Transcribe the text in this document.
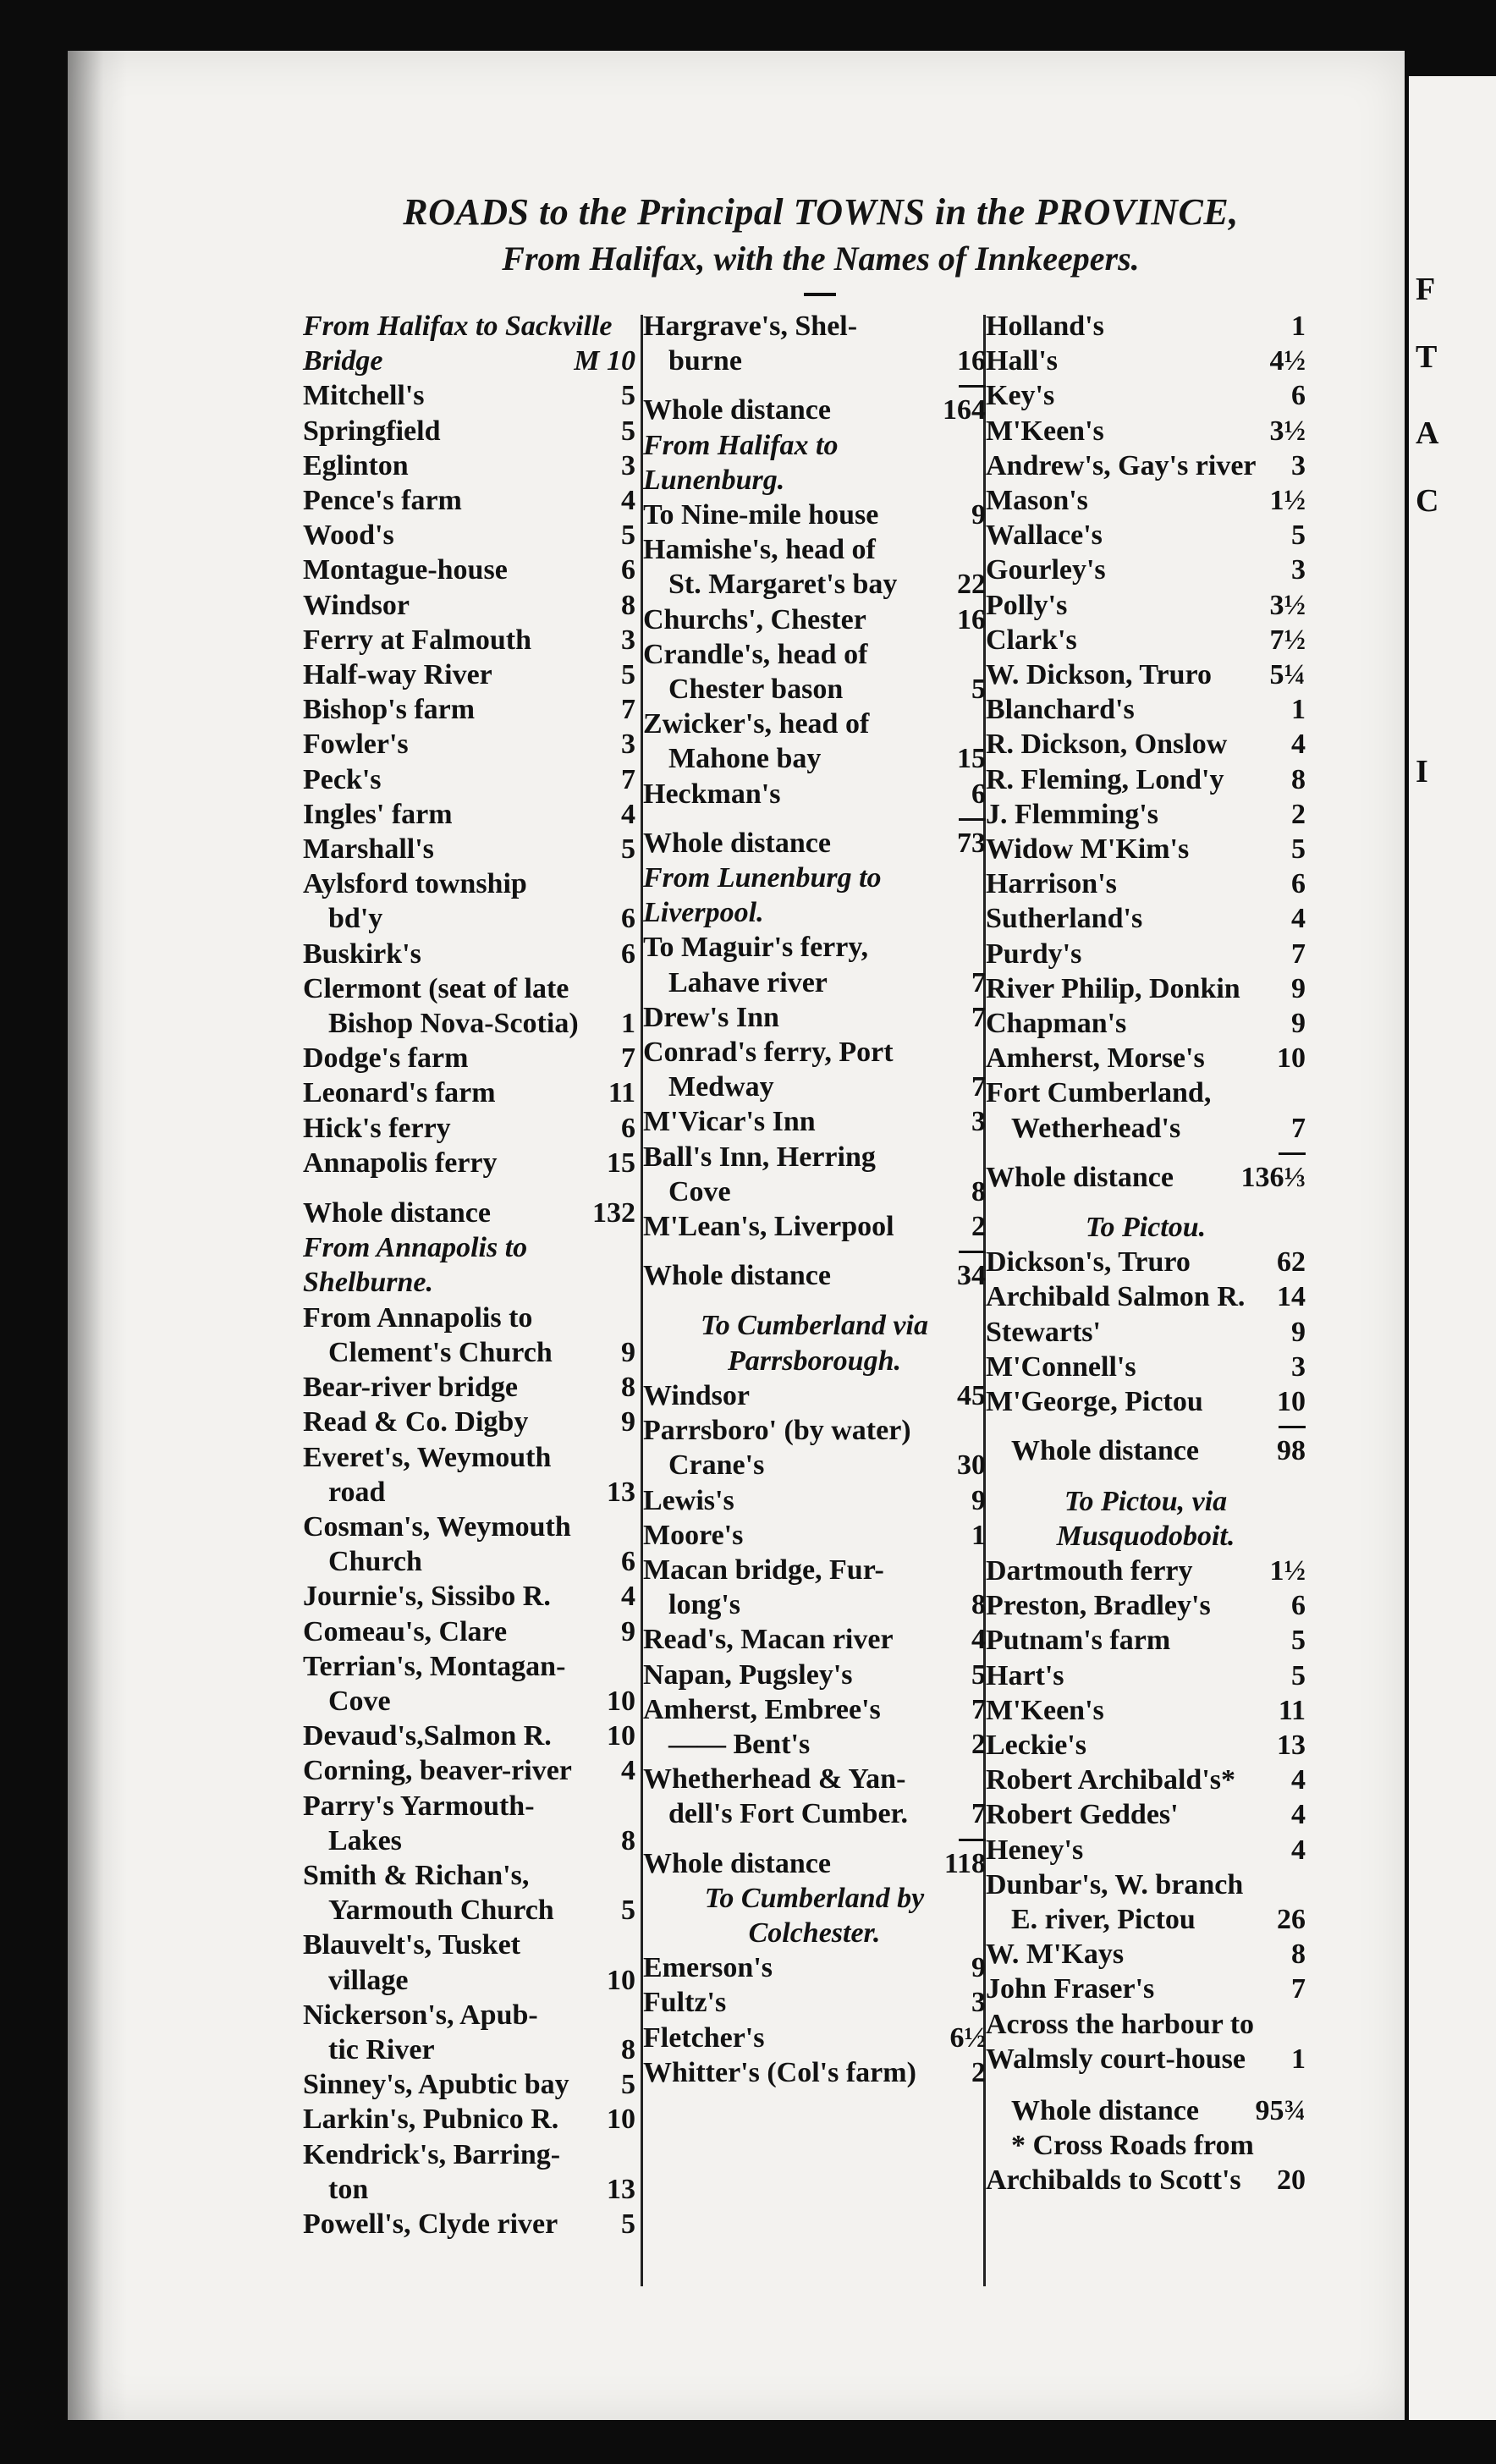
F
T
A
C
I
ROADS to the Principal TOWNS in the PROVINCE,
From Halifax, with the Names of Innkeepers.
From Halifax to Sackville Bridge	M 10
Mitchell's	5
Springfield	5
Eglinton	3
Pence's farm	4
Wood's	5
Montague-house	6
Windsor	8
Ferry at Falmouth	3
Half-way River	5
Bishop's farm	7
Fowler's	3
Peck's	7
Ingles' farm	4
Marshall's	5
Aylsford township
bd'y	6
Buskirk's	6
Clermont (seat of late
Bishop Nova-Scotia) 1
Dodge's farm	7
Leonard's farm	11
Hick's ferry	6
Annapolis ferry	15
Whole distance	132
From Annapolis to Shelburne.
From Annapolis to
Clement's Church 9
Bear-river bridge	8
Read & Co. Digby	9
Everet's, Weymouth
road	13
Cosman's, Weymouth
Church	6
Journie's, Sissibo R. 4
Comeau's, Clare	9
Terrian's, Montagan-
Cove	10
Devaud's,Salmon R. 10
Corning, beaver-river 4
Parry's Yarmouth-
Lakes	8
Smith & Richan's,
Yarmouth Church 5
Blauvelt's, Tusket
village	10
Nickerson's, Apub-
tic River	8
Sinney's, Apubtic bay 5
Larkin's, Pubnico R. 10
Kendrick's, Barring-
ton	13
Powell's, Clyde river 5
Hargrave's, Shel-
burne	16
Whole distance	164
From Halifax to Lunenburg.
To Nine-mile house	9
Hamishe's, head of
St. Margaret's bay 22
Churchs', Chester	16
Crandle's, head of
Chester bason	5
Zwicker's, head of
Mahone bay	15
Heckman's	6
Whole distance	73
From Lunenburg to Liverpool.
To Maguir's ferry,
Lahave river	7
Drew's Inn	7
Conrad's ferry, Port
Medway	7
M'Vicar's Inn	3
Ball's Inn, Herring
Cove	8
M'Lean's, Liverpool	2
Whole distance	34
To Cumberland via Parrsborough.
Windsor	45
Parrsboro' (by water)
Crane's	30
Lewis's	9
Moore's	1
Macan bridge, Fur-
long's	8
Read's, Macan river	4
Napan, Pugsley's	5
Amherst, Embree's	7
—— Bent's	2
Whetherhead & Yan-
dell's Fort Cumber. 7
Whole distance	118
To Cumberland by Colchester.
Emerson's	9
Fultz's	3
Fletcher's	6½
Whitter's (Col's farm) 2
Holland's	1
Hall's	4½
Key's	6
M'Keen's	3½
Andrew's, Gay's river 3
Mason's	1½
Wallace's	5
Gourley's	3
Polly's	3½
Clark's	7½
W. Dickson, Truro 5¼
Blanchard's	1
R. Dickson, Onslow 4
R. Fleming, Lond'y 8
J. Flemming's	2
Widow M'Kim's	5
Harrison's	6
Sutherland's	4
Purdy's	7
River Philip, Donkin 9
Chapman's	9
Amherst, Morse's	10
Fort Cumberland,
Wetherhead's	7
Whole distance 136⅓
To Pictou.
Dickson's, Truro	62
Archibald Salmon R. 14
Stewarts'	9
M'Connell's	3
M'George, Pictou	10
Whole distance	98
To Pictou, via Musquodoboit.
Dartmouth ferry	1½
Preston, Bradley's	6
Putnam's farm	5
Hart's	5
M'Keen's	11
Leckie's	13
Robert Archibald's* 4
Robert Geddes'	4
Heney's	4
Dunbar's, W. branch
E. river, Pictou	26
W. M'Kays	8
John Fraser's	7
Across the harbour to
Walmsly court-house 1
Whole distance 95¾
* Cross Roads from
Archibalds to Scott's 20
